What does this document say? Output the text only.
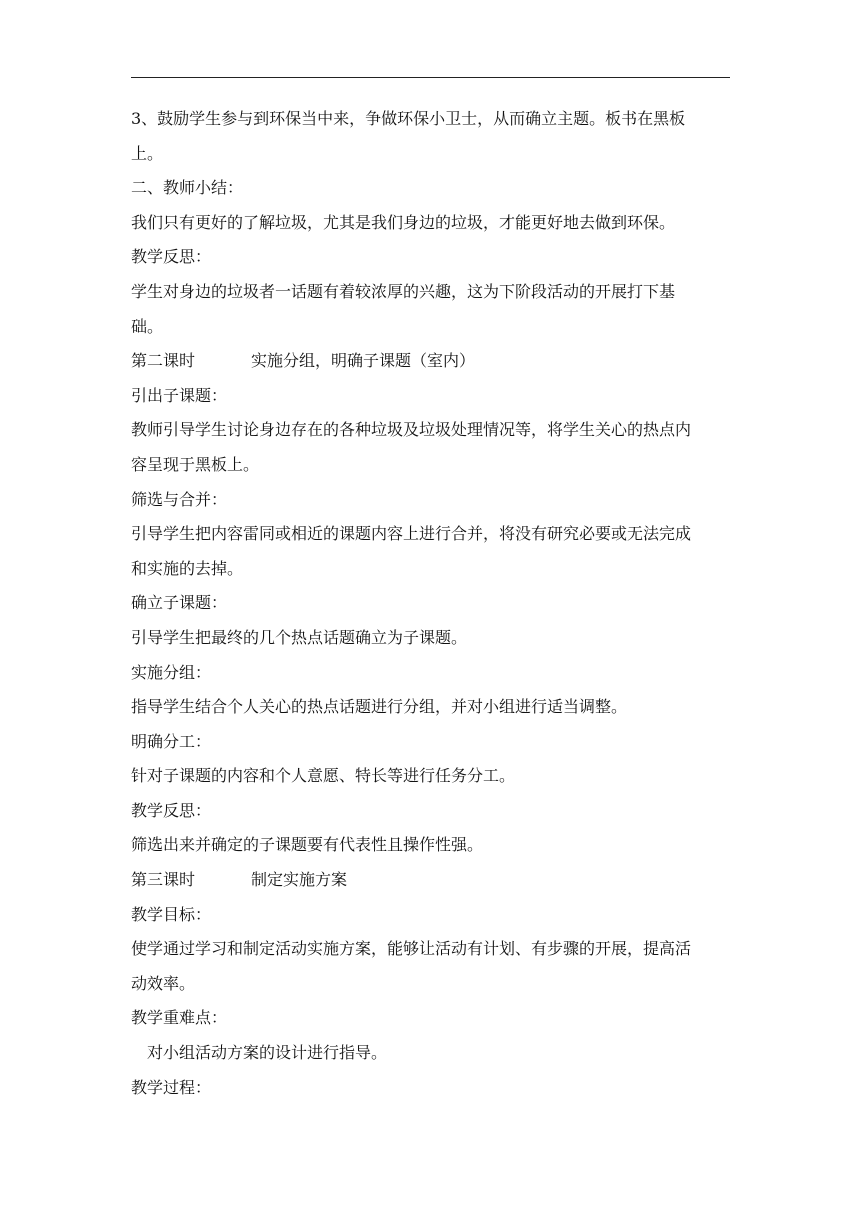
3、鼓励学生参与到环保当中来，争做环保小卫士，从而确立主题。板书在黑板

上。

二、教师小结：

我们只有更好的了解垃圾，尤其是我们身边的垃圾，才能更好地去做到环保。

教学反思：

学生对身边的垃圾者一话题有着较浓厚的兴趣，这为下阶段活动的开展打下基

础。

第二课时	实施分组，明确子课题（室内）

引出子课题：

教师引导学生讨论身边存在的各种垃圾及垃圾处理情况等，将学生关心的热点内

容呈现于黑板上。

筛选与合并：

引导学生把内容雷同或相近的课题内容上进行合并，将没有研究必要或无法完成

和实施的去掉。

确立子课题：

引导学生把最终的几个热点话题确立为子课题。

实施分组：

指导学生结合个人关心的热点话题进行分组，并对小组进行适当调整。

明确分工：

针对子课题的内容和个人意愿、特长等进行任务分工。

教学反思：

筛选出来并确定的子课题要有代表性且操作性强。

第三课时	制定实施方案

教学目标：

使学通过学习和制定活动实施方案，能够让活动有计划、有步骤的开展，提高活

动效率。

教学重难点：

对小组活动方案的设计进行指导。

教学过程：
